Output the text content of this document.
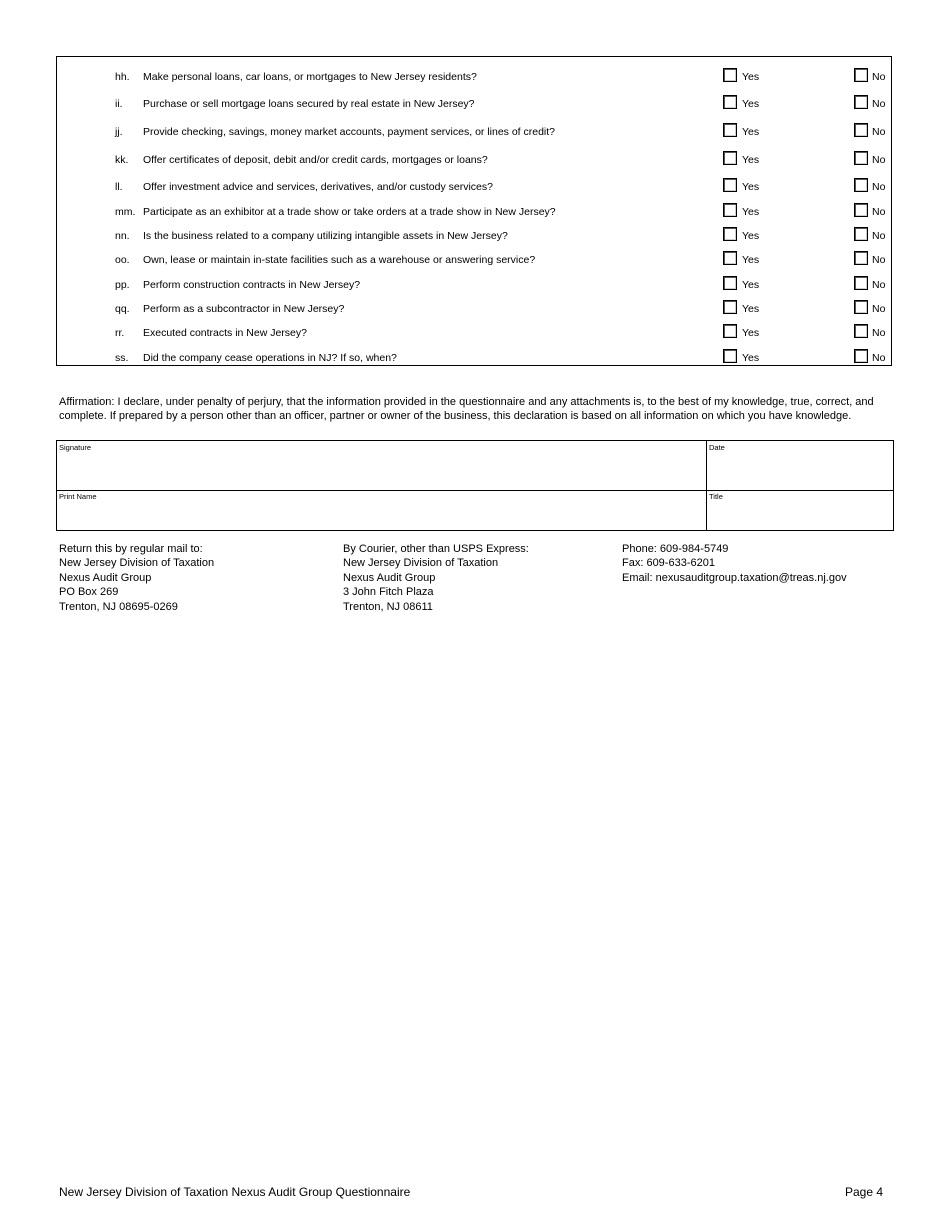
hh.	Make personal loans, car loans, or mortgages to New Jersey residents?	Yes	No
ii.	Purchase or sell mortgage loans secured by real estate in New Jersey?	Yes	No
jj.	Provide checking, savings, money market accounts, payment services, or lines of credit?	Yes	No
kk.	Offer certificates of deposit, debit and/or credit cards, mortgages or loans?	Yes	No
ll.	Offer investment advice and services, derivatives, and/or custody services?	Yes	No
mm. Participate as an exhibitor at a trade show or take orders at a trade show in New Jersey?	Yes	No
nn.	Is the business related to a company utilizing intangible assets in New Jersey?	Yes	No
oo.	Own, lease or maintain in-state facilities such as a warehouse or answering service?	Yes	No
pp.	Perform construction contracts in New Jersey?	Yes	No
qq.	Perform as a subcontractor in New Jersey?	Yes	No
rr.	Executed contracts in New Jersey?	Yes	No
ss.	Did the company cease operations in NJ? If so, when?	Yes	No
Affirmation: I declare, under penalty of perjury, that the information provided in the questionnaire and any attachments is, to the best of my knowledge, true, correct, and complete. If prepared by a person other than an officer, partner or owner of the business, this declaration is based on all information on which you have knowledge.
Signature	Date
Print Name	Title
Return this by regular mail to:
New Jersey Division of Taxation
Nexus Audit Group
PO Box 269
Trenton, NJ 08695-0269
By Courier, other than USPS Express:
New Jersey Division of Taxation
Nexus Audit Group
3 John Fitch Plaza
Trenton, NJ 08611
Phone: 609-984-5749
Fax: 609-633-6201
Email: nexusauditgroup.taxation@treas.nj.gov
New Jersey Division of Taxation Nexus Audit Group Questionnaire	Page 4
